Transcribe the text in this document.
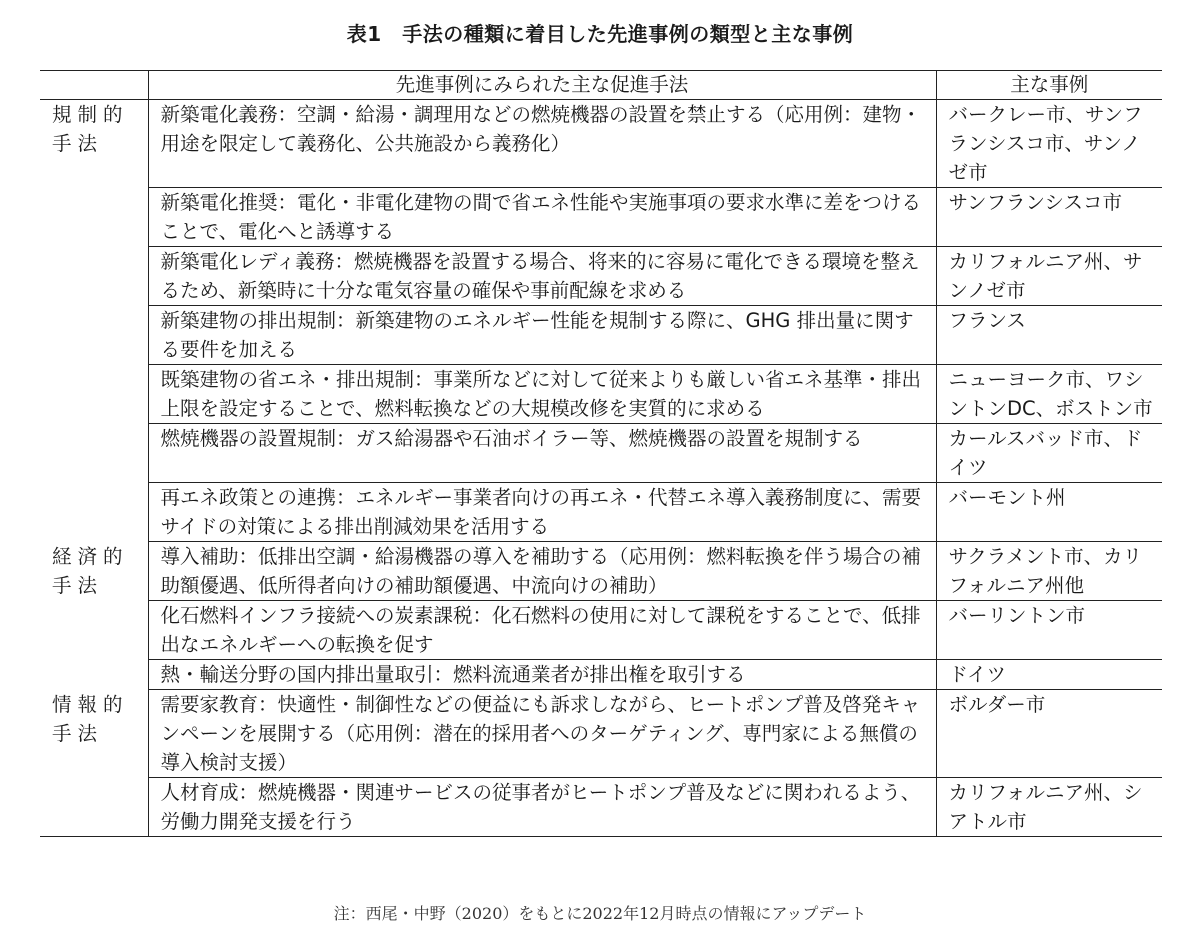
表1　手法の種類に着目した先進事例の類型と主な事例
	先進事例にみられた主な促進手法	主な事例
規制的手法	新築電化義務：空調・給湯・調理用などの燃焼機器の設置を禁止する（応用例：建物・用途を限定して義務化、公共施設から義務化）	バークレー市、サンフランシスコ市、サンノゼ市
	新築電化推奨：電化・非電化建物の間で省エネ性能や実施事項の要求水準に差をつけることで、電化へと誘導する	サンフランシスコ市
	新築電化レディ義務：燃焼機器を設置する場合、将来的に容易に電化できる環境を整えるため、新築時に十分な電気容量の確保や事前配線を求める	カリフォルニア州、サンノゼ市
	新築建物の排出規制：新築建物のエネルギー性能を規制する際に、GHG 排出量に関する要件を加える	フランス
	既築建物の省エネ・排出規制：事業所などに対して従来よりも厳しい省エネ基準・排出上限を設定することで、燃料転換などの大規模改修を実質的に求める	ニューヨーク市、ワシントンDC、ボストン市
	燃焼機器の設置規制：ガス給湯器や石油ボイラー等、燃焼機器の設置を規制する	カールスバッド市、ドイツ
	再エネ政策との連携：エネルギー事業者向けの再エネ・代替エネ導入義務制度に、需要サイドの対策による排出削減効果を活用する	バーモント州
経済的手法	導入補助：低排出空調・給湯機器の導入を補助する（応用例：燃料転換を伴う場合の補助額優遇、低所得者向けの補助額優遇、中流向けの補助）	サクラメント市、カリフォルニア州他
	化石燃料インフラ接続への炭素課税：化石燃料の使用に対して課税をすることで、低排出なエネルギーへの転換を促す	バーリントン市
	熱・輸送分野の国内排出量取引：燃料流通業者が排出権を取引する	ドイツ
情報的手法	需要家教育：快適性・制御性などの便益にも訴求しながら、ヒートポンプ普及啓発キャンペーンを展開する（応用例：潜在的採用者へのターゲティング、専門家による無償の導入検討支援）	ボルダー市
	人材育成：燃焼機器・関連サービスの従事者がヒートポンプ普及などに関われるよう、労働力開発支援を行う	カリフォルニア州、シアトル市
注：西尾・中野（2020）をもとに2022年12月時点の情報にアップデート
